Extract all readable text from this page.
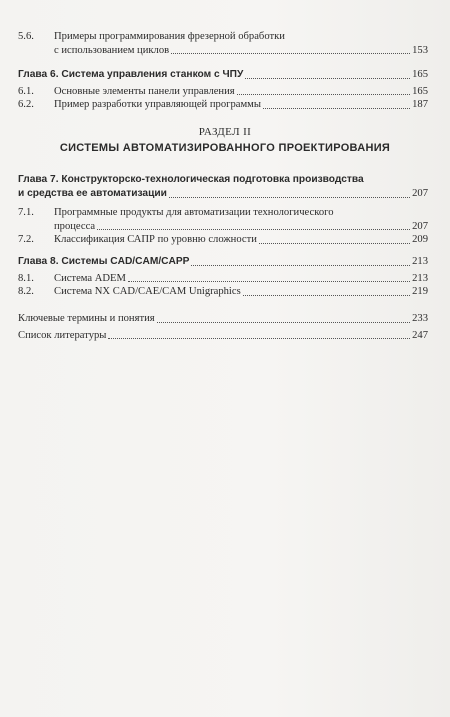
5.6.	Примеры программирования фрезерной обработки
с использованием циклов	153
Глава 6. Система управления станком с ЧПУ	165
6.1.	Основные элементы панели управления	165
6.2.	Пример разработки управляющей программы	187
РАЗДЕЛ II
СИСТЕМЫ АВТОМАТИЗИРОВАННОГО ПРОЕКТИРОВАНИЯ
Глава 7. Конструкторско-технологическая подготовка производства
и средства ее автоматизации	207
7.1.	Программные продукты для автоматизации технологического
процесса	207
7.2.	Классификация САПР по уровню сложности	209
Глава 8. Системы CAD/CAM/CAPP	213
8.1.	Система ADEM	213
8.2.	Система NX CAD/CAE/CAM Unigraphics	219
Ключевые термины и понятия	233
Список литературы	247
